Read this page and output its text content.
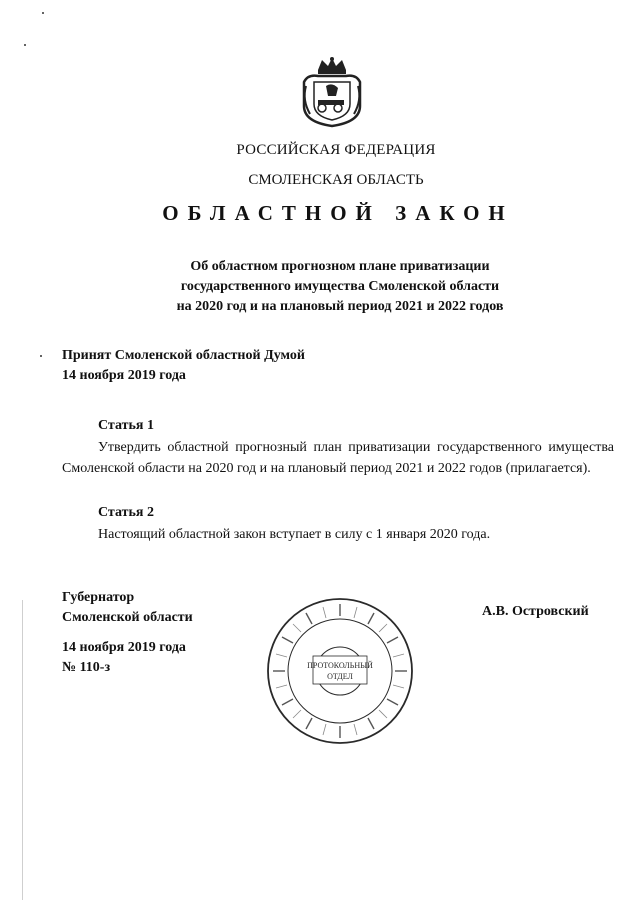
РОССИЙСКАЯ ФЕДЕРАЦИЯ
СМОЛЕНСКАЯ ОБЛАСТЬ
ОБЛАСТНОЙ ЗАКОН
Об областном прогнозном плане приватизации
государственного имущества Смоленской области
на 2020 год и на плановый период 2021 и 2022 годов
Принят Смоленской областной Думой
14 ноября 2019 года
Статья 1

Утвердить областной прогнозный план приватизации государственного имущества Смоленской области на 2020 год и на плановый период 2021 и 2022 годов (прилагается).

Статья 2

Настоящий областной закон вступает в силу с 1 января 2020 года.

Губернатор
Смоленской области	А.В. Островский
14 ноября 2019 года
№ 110-з	ПРОТОКОЛЬНЫЙ
ОТДЕЛ
